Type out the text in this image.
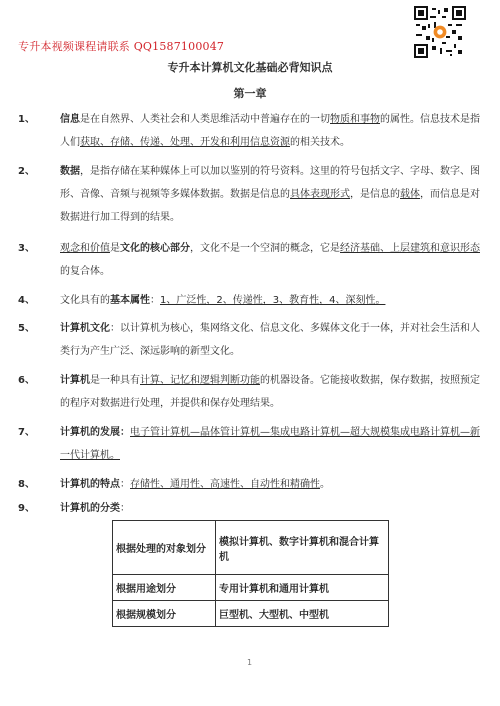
专升本视频课程请联系 QQ1587100047
专升本计算机文化基础必背知识点
第一章
1、	信息是在自然界、人类社会和人类思维活动中普遍存在的一切物质和事物的属性。信息技术是指人们获取、存储、传递、处理、开发和利用信息资源的相关技术。
2、	数据，是指存储在某种媒体上可以加以鉴别的符号资料。这里的符号包括文字、字母、数字、图形、音像、音频与视频等多媒体数据。数据是信息的具体表现形式，是信息的载体，而信息是对数据进行加工得到的结果。
3、	观念和价值是文化的核心部分，文化不是一个空洞的概念，它是经济基础、上层建筑和意识形态的复合体。
4、	文化具有的基本属性：1、广泛性，2、传递性，3、教育性，4、深刻性。
5、	计算机文化：以计算机为核心，集网络文化、信息文化、多媒体文化于一体，并对社会生活和人类行为产生广泛、深远影响的新型文化。
6、	计算机是一种具有计算、记忆和逻辑判断功能的机器设备。它能接收数据，保存数据，按照预定的程序对数据进行处理，并提供和保存处理结果。
7、	计算机的发展：电子管计算机—晶体管计算机—集成电路计算机—超大规模集成电路计算机—新一代计算机。
8、	计算机的特点：存储性、通用性、高速性、自动性和精确性。
9、	计算机的分类：
根据处理的对象划分	模拟计算机、数字计算机和混合计算机
根据用途划分	专用计算机和通用计算机
根据规模划分	巨型机、大型机、中型机
​
1
